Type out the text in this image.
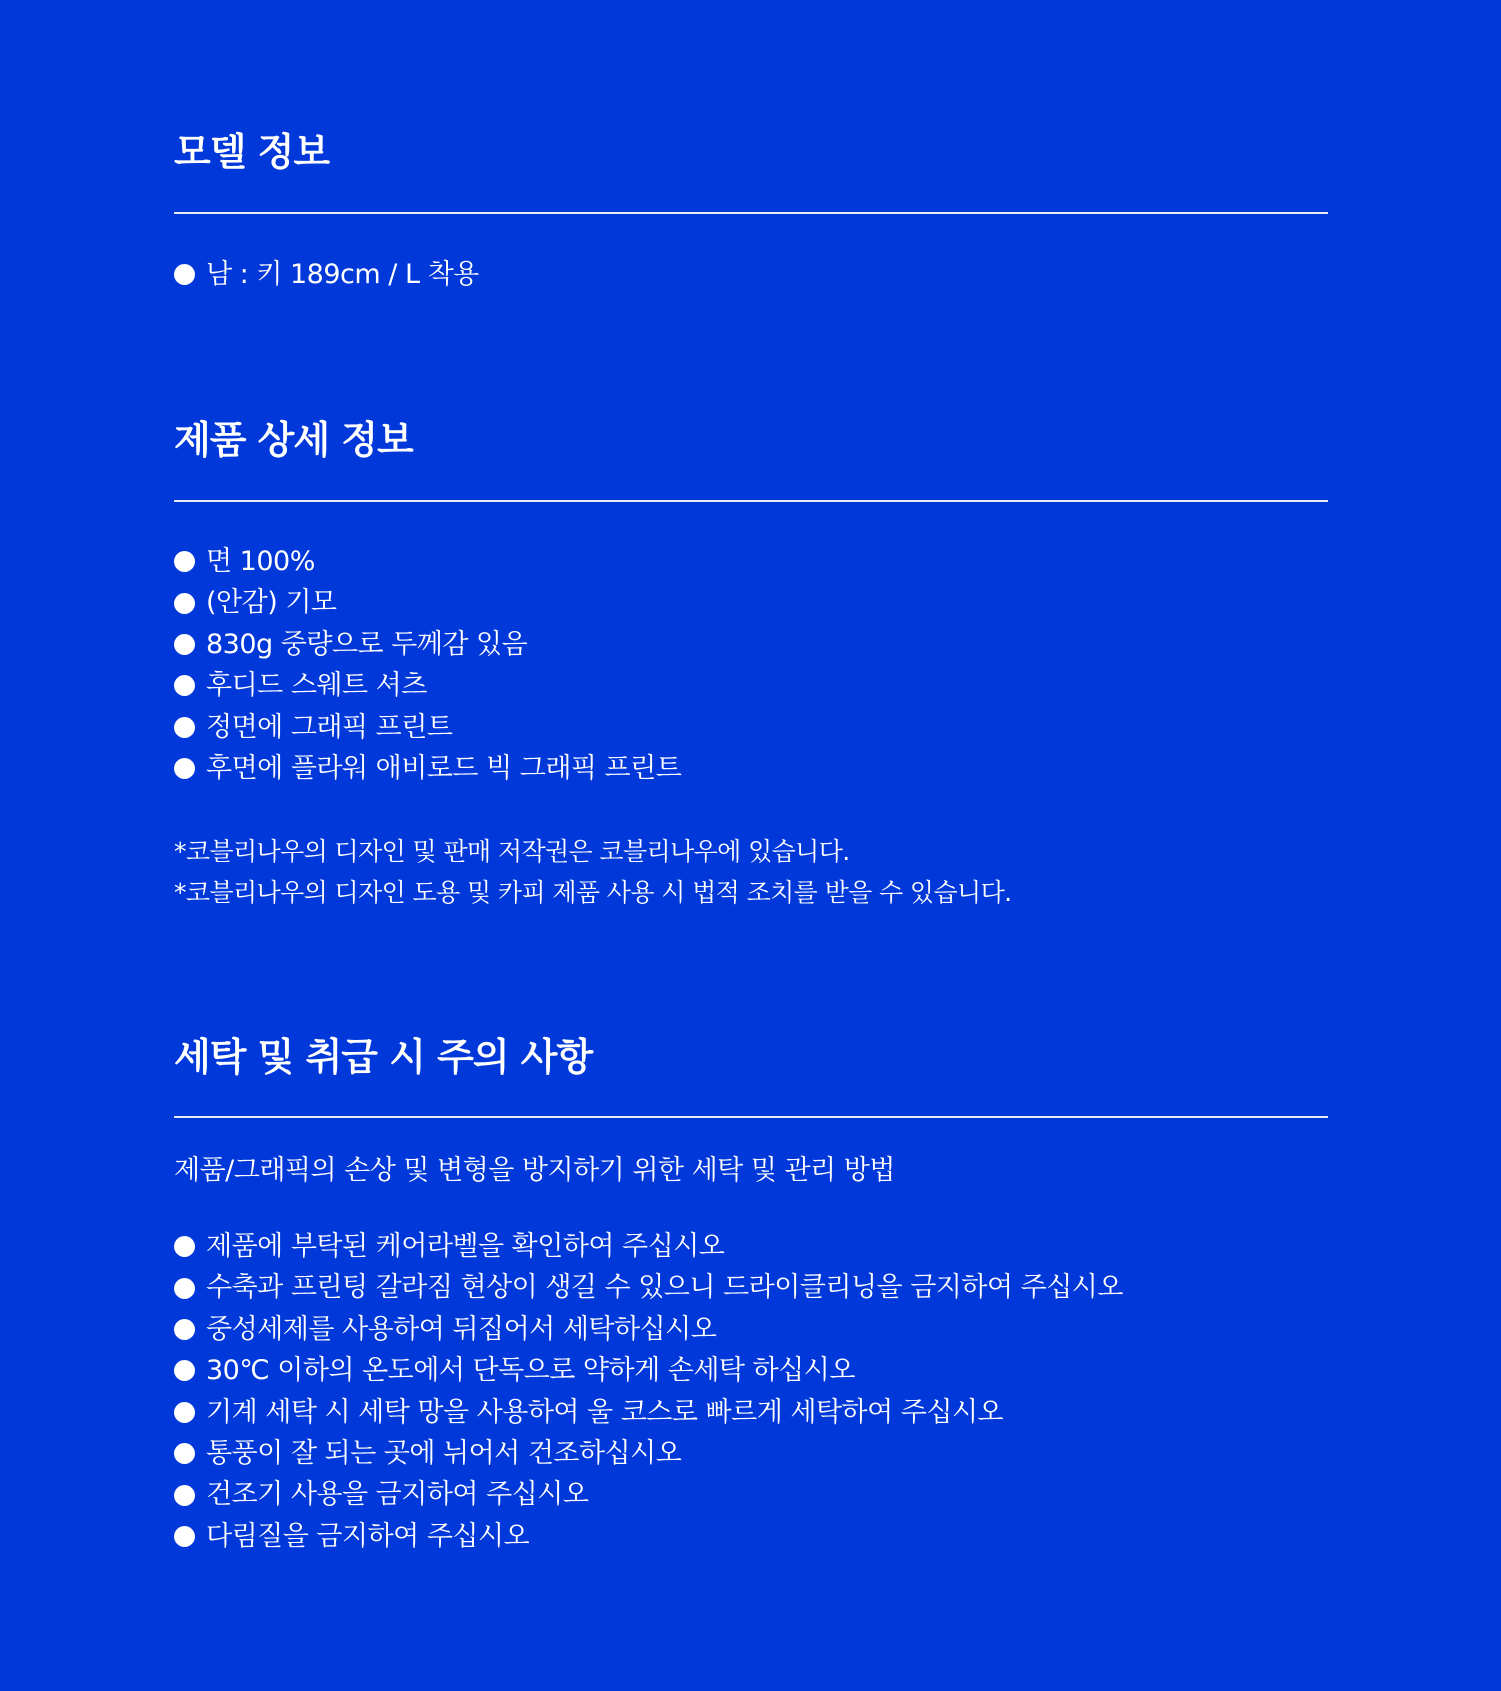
모델 정보
남 : 키 189cm / L 착용
제품 상세 정보
면 100%
(안감) 기모
830g 중량으로 두께감 있음
후디드 스웨트 셔츠
정면에 그래픽 프린트
후면에 플라워 애비로드 빅 그래픽 프린트

*코블리나우의 디자인 및 판매 저작권은 코블리나우에 있습니다.

*코블리나우의 디자인 도용 및 카피 제품 사용 시 법적 조치를 받을 수 있습니다.

세탁 및 취급 시 주의 사항

제품/그래픽의 손상 및 변형을 방지하기 위한 세탁 및 관리 방법

제품에 부탁된 케어라벨을 확인하여 주십시오
수축과 프린팅 갈라짐 현상이 생길 수 있으니 드라이클리닝을 금지하여 주십시오
중성세제를 사용하여 뒤집어서 세탁하십시오
30℃ 이하의 온도에서 단독으로 약하게 손세탁 하십시오
기계 세탁 시 세탁 망을 사용하여 울 코스로 빠르게 세탁하여 주십시오
통풍이 잘 되는 곳에 뉘어서 건조하십시오
건조기 사용을 금지하여 주십시오
다림질을 금지하여 주십시오
